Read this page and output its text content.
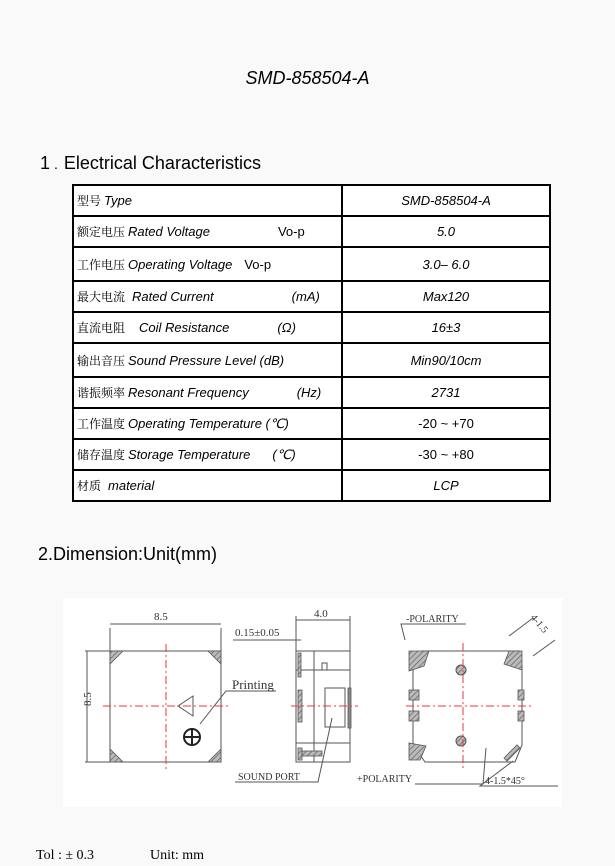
SMD-858504-A
1 . Electrical Characteristics
型号 Type	SMD-858504-A
额定电压 Rated Voltage Vo-p	5.0
工作电压 Operating Voltage Vo-p	3.0– 6.0
最大电流 Rated Current (mA)	Max120
直流电阻 Coil Resistance (Ω)	16±3
输出音压 Sound Pressure Level (dB)	Min90/10cm
谐振频率 Resonant Frequency (Hz)	2731
工作温度 Operating Temperature (℃)	-20 ~ +70
储存温度 Storage Temperature (℃)	-30 ~ +80
材质 material	LCP
2.Dimension:Unit(mm)
8.5
8.5
4.0
0.15±0.05
Printing
SOUND PORT
-POLARITY
+POLARITY
4-1.5
4-1.5*45°
Tol : ± 0.3	Unit: mm
